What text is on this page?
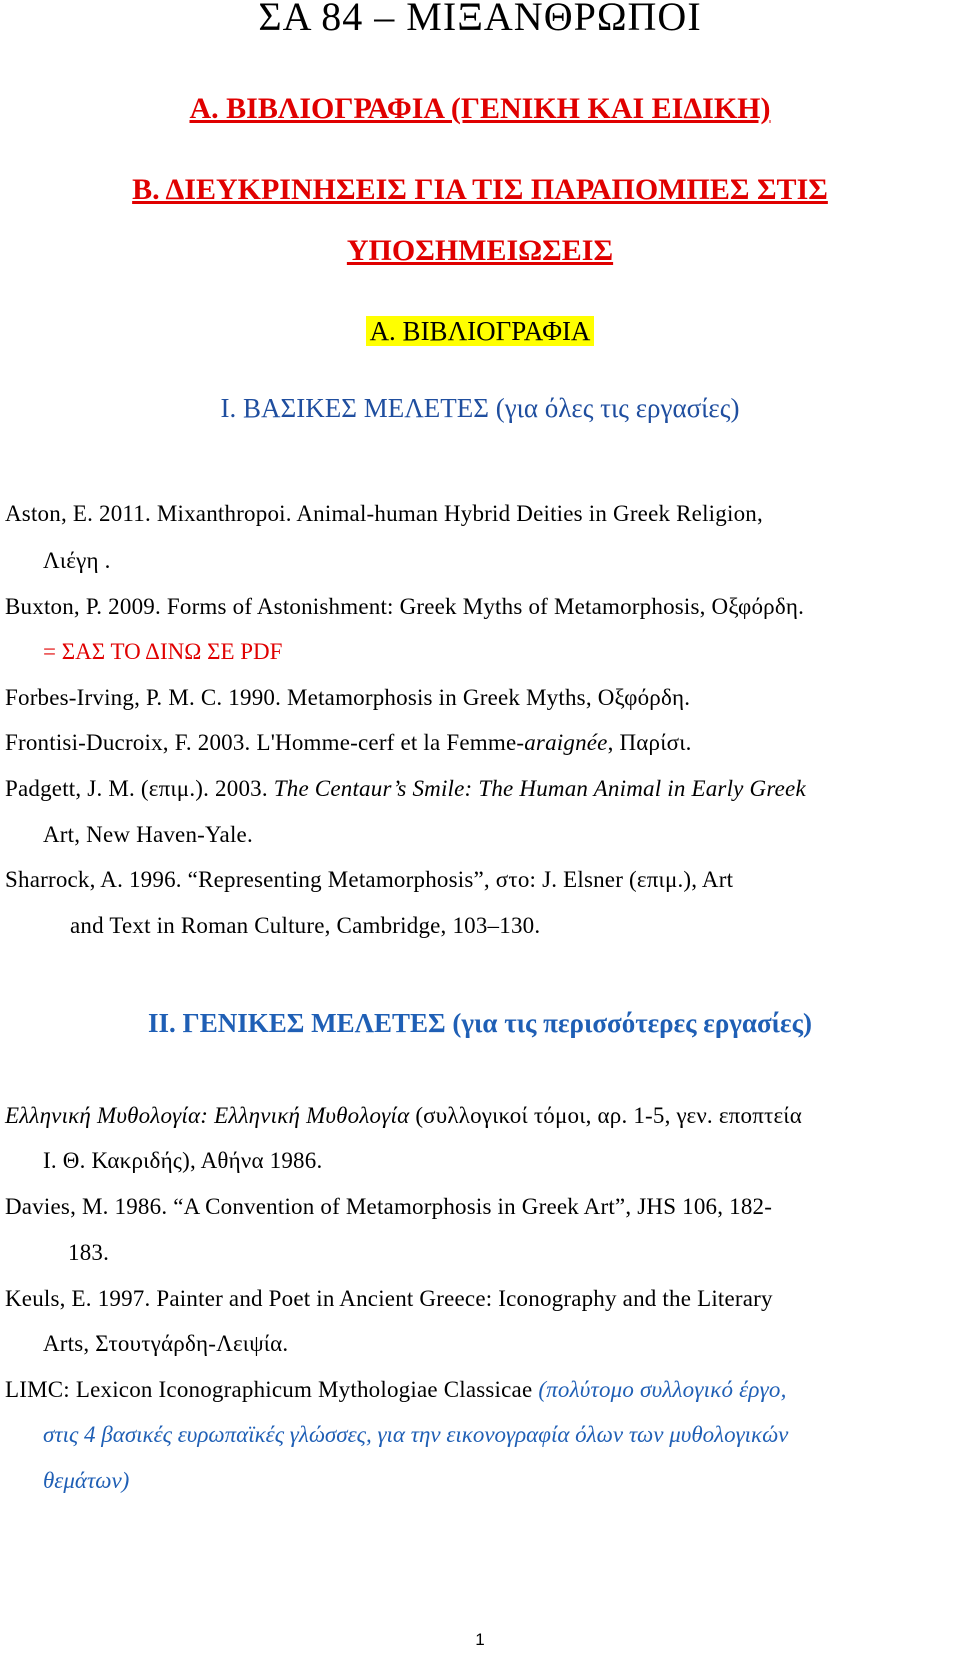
ΣΑ 84 – ΜΙΞΑΝΘΡΩΠΟΙ
Α. ΒΙΒΛΙΟΓΡΑΦΙΑ (ΓΕΝΙΚΗ ΚΑΙ ΕΙΔΙΚΗ)
Β. ΔΙΕΥΚΡΙΝΗΣΕΙΣ ΓΙΑ ΤΙΣ ΠΑΡΑΠΟΜΠΕΣ ΣΤΙΣ
ΥΠΟΣΗΜΕΙΩΣΕΙΣ
Α. ΒΙΒΛΙΟΓΡΑΦΙΑ
Ι. ΒΑΣΙΚΕΣ ΜΕΛΕΤΕΣ (για όλες τις εργασίες)
Aston, E. 2011. Mixanthropoi. Animal-human Hybrid Deities in Greek Religion,
Λιέγη .
Buxton, P. 2009. Forms of Astonishment: Greek Myths of Metamorphosis, Οξφόρδη.
= ΣΑΣ ΤΟ ΔΙΝΩ ΣΕ PDF
Forbes-Irving, P. M. C. 1990. Metamorphosis in Greek Myths, Οξφόρδη.
Frontisi-Ducroix, F. 2003. L'Homme-cerf et la Femme-araignée, Παρίσι.
Padgett, J. M. (επιμ.). 2003. The Centaur’s Smile: The Human Animal in Early Greek
Art, New Haven-Yale.
Sharrock, A. 1996. “Representing Metamorphosis”, στο: J. Elsner (επιμ.), Art
and Text in Roman Culture, Cambridge, 103–130.
ΙΙ. ΓΕΝΙΚΕΣ ΜΕΛΕΤΕΣ (για τις περισσότερες εργασίες)
Ελληνική Μυθολογία: Ελληνική Μυθολογία (συλλογικοί τόμοι, αρ. 1-5, γεν. εποπτεία
Ι. Θ. Κακριδής), Αθήνα 1986.
Davies, M. 1986. “A Convention of Metamorphosis in Greek Art”, JHS 106, 182-
183.
Keuls, E. 1997. Painter and Poet in Ancient Greece: Iconography and the Literary
Arts, Στουτγάρδη-Λειψία.
LIMC: Lexicon Iconographicum Mythologiae Classicae (πολύτομο συλλογικό έργο,
στις 4 βασικές ευρωπαϊκές γλώσσες, για την εικονογραφία όλων των μυθολογικών
θεμάτων)
1
